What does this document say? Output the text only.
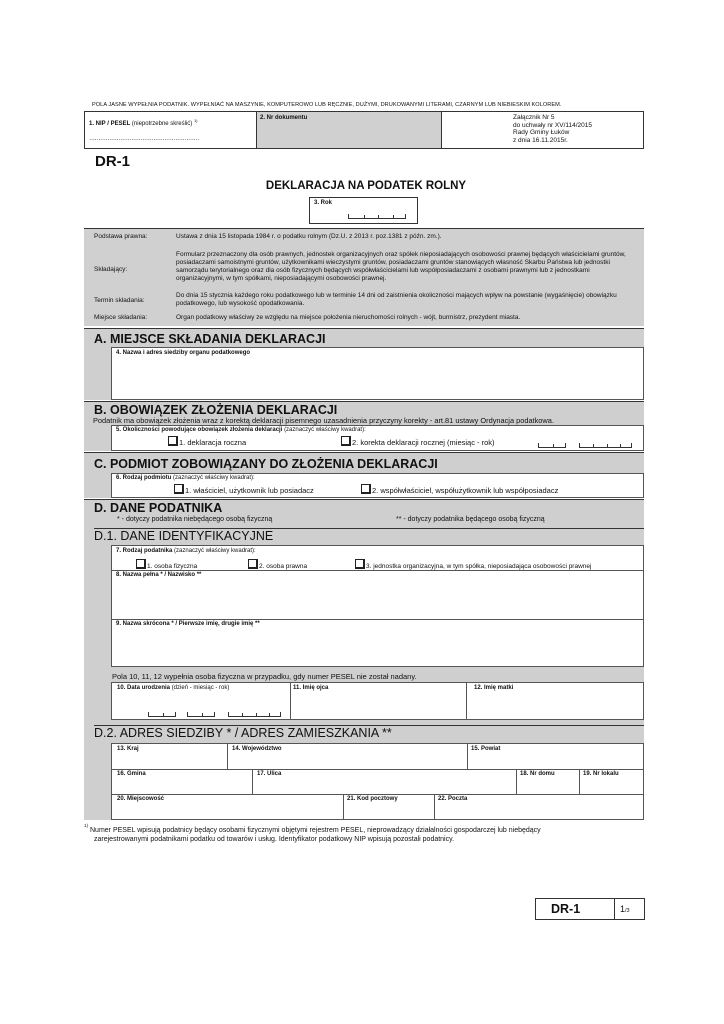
POLA JASNE WYPEŁNIA PODATNIK. WYPEŁNIAĆ NA MASZYNIE, KOMPUTEROWO LUB RĘCZNIE, DUŻYMI, DRUKOWANYMI LITERAMI, CZARNYM LUB NIEBIESKIM KOLOREM.
1. NIP / PESEL (niepotrzebne skreślić) $^{1)}$
……………………………………………………
2. Nr dokumentu	Załącznik Nr 5
do uchwały nr XV/114/2015
Rady Gminy Łuków
z dnia 16.11.2015r.
DR-1
DEKLARACJA NA PODATEK ROLNY
3. Rok
Podstawa prawna:	Ustawa z dnia 15 listopada 1984 r. o podatku rolnym (Dz.U. z 2013 r. poz.1381 z późn. zm.).
Składający:
Formularz przeznaczony dla osób prawnych, jednostek organizacyjnych oraz spółek nieposiadających osobowości prawnej będących właścicielami gruntów, posiadaczami samoistnymi gruntów, użytkownikami wieczystymi gruntów, posiadaczami gruntów stanowiących własność Skarbu Państwa lub jednostki samorządu terytorialnego oraz dla osób fizycznych będących współwłaścicielami lub współposiadaczami z osobami prawnymi lub z jednostkami organizacyjnymi, w tym spółkami, nieposiadającymi osobowości prawnej.
Termin składania:
Do dnia 15 stycznia każdego roku podatkowego lub w terminie 14 dni od zaistnienia okoliczności mających wpływ na powstanie (wygaśnięcie) obowiązku podatkowego, lub wysokość opodatkowania.
Miejsce składania:	Organ podatkowy właściwy ze względu na miejsce położenia nieruchomości rolnych - wójt, burmistrz, prezydent miasta.
A. MIEJSCE SKŁADANIA DEKLARACJI
4. Nazwa i adres siedziby organu podatkowego
B. OBOWIĄZEK ZŁOŻENIA DEKLARACJI
Podatnik ma obowiązek złożenia wraz z korektą deklaracji pisemnego uzasadnienia przyczyny korekty - art.81 ustawy Ordynacja podatkowa.
5. Okoliczności powodujące obowiązek złożenia deklaracji (zaznaczyć właściwy kwadrat):
1. deklaracja roczna	2. korekta deklaracji rocznej (miesiąc - rok)
C. PODMIOT ZOBOWIĄZANY DO ZŁOŻENIA DEKLARACJI
6. Rodzaj podmiotu (zaznaczyć właściwy kwadrat):
1. właściciel, użytkownik lub posiadacz	2. współwłaściciel, współużytkownik lub współposiadacz
D. DANE PODATNIKA
* - dotyczy podatnika niebędącego osobą fizyczną	** - dotyczy podatnika będącego osobą fizyczną
D.1. DANE IDENTYFIKACYJNE
7. Rodzaj podatnika (zaznaczyć właściwy kwadrat):
1. osoba fizyczna	2. osoba prawna	3. jednostka organizacyjna, w tym spółka, nieposiadająca osobowości prawnej
8. Nazwa pełna * / Nazwisko **
9. Nazwa skrócona * / Pierwsze imię, drugie imię **
Pola 10, 11, 12 wypełnia osoba fizyczna w przypadku, gdy numer PESEL nie został nadany.
10. Data urodzenia (dzień - miesiąc - rok)	11. Imię ojca	12. Imię matki
D.2. ADRES SIEDZIBY * / ADRES ZAMIESZKANIA **
13. Kraj	14. Województwo	15. Powiat
16. Gmina	17. Ulica	18. Nr domu	19. Nr lokalu
20. Miejscowość	21. Kod pocztowy	22. Poczta
1)
Numer PESEL wpisują podatnicy będący osobami fizycznymi objętymi rejestrem PESEL, nieprowadzący działalności gospodarczej lub niebędący
zarejestrowanymi podatnikami podatku od towarów i usług. Identyfikator podatkowy NIP wpisują pozostali podatnicy.
DR-1	1/3
